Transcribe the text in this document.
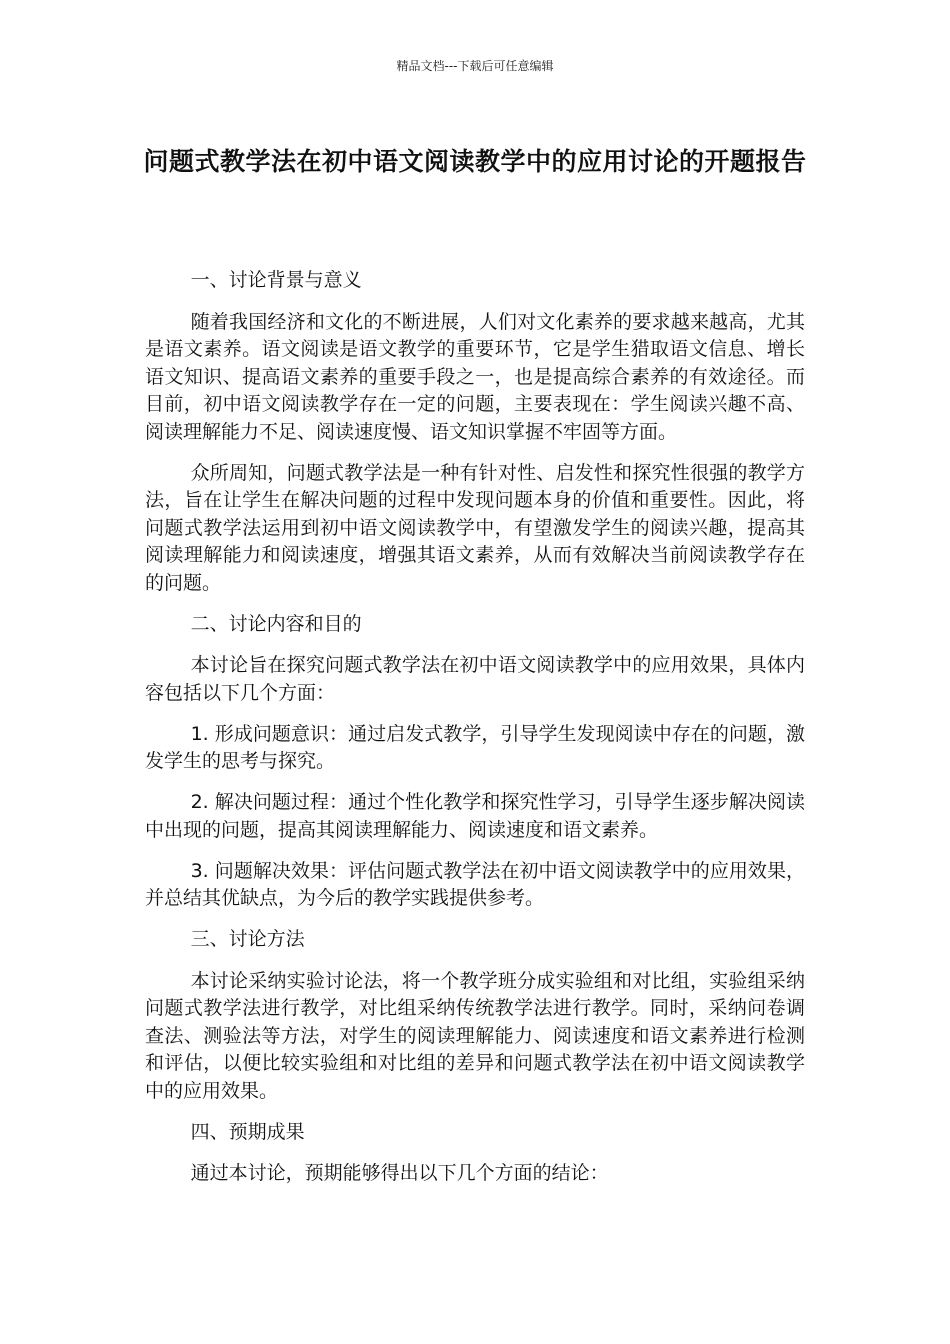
精品文档---下载后可任意编辑
问题式教学法在初中语文阅读教学中的应用讨论的开题报告

一、讨论背景与意义

随着我国经济和文化的不断进展，人们对文化素养的要求越来越高，尤其是语文素养。语文阅读是语文教学的重要环节，它是学生猎取语文信息、增长语文知识、提高语文素养的重要手段之一，也是提高综合素养的有效途径。而目前，初中语文阅读教学存在一定的问题，主要表现在：学生阅读兴趣不高、阅读理解能力不足、阅读速度慢、语文知识掌握不牢固等方面。

众所周知，问题式教学法是一种有针对性、启发性和探究性很强的教学方法，旨在让学生在解决问题的过程中发现问题本身的价值和重要性。因此，将问题式教学法运用到初中语文阅读教学中，有望激发学生的阅读兴趣，提高其阅读理解能力和阅读速度，增强其语文素养，从而有效解决当前阅读教学存在的问题。

二、讨论内容和目的

本讨论旨在探究问题式教学法在初中语文阅读教学中的应用效果，具体内容包括以下几个方面：

1. 形成问题意识：通过启发式教学，引导学生发现阅读中存在的问题，激发学生的思考与探究。

2. 解决问题过程：通过个性化教学和探究性学习，引导学生逐步解决阅读中出现的问题，提高其阅读理解能力、阅读速度和语文素养。

3. 问题解决效果：评估问题式教学法在初中语文阅读教学中的应用效果，并总结其优缺点，为今后的教学实践提供参考。

三、讨论方法

本讨论采纳实验讨论法，将一个教学班分成实验组和对比组，实验组采纳问题式教学法进行教学，对比组采纳传统教学法进行教学。同时，采纳问卷调查法、测验法等方法，对学生的阅读理解能力、阅读速度和语文素养进行检测和评估，以便比较实验组和对比组的差异和问题式教学法在初中语文阅读教学中的应用效果。

四、预期成果

通过本讨论，预期能够得出以下几个方面的结论：
